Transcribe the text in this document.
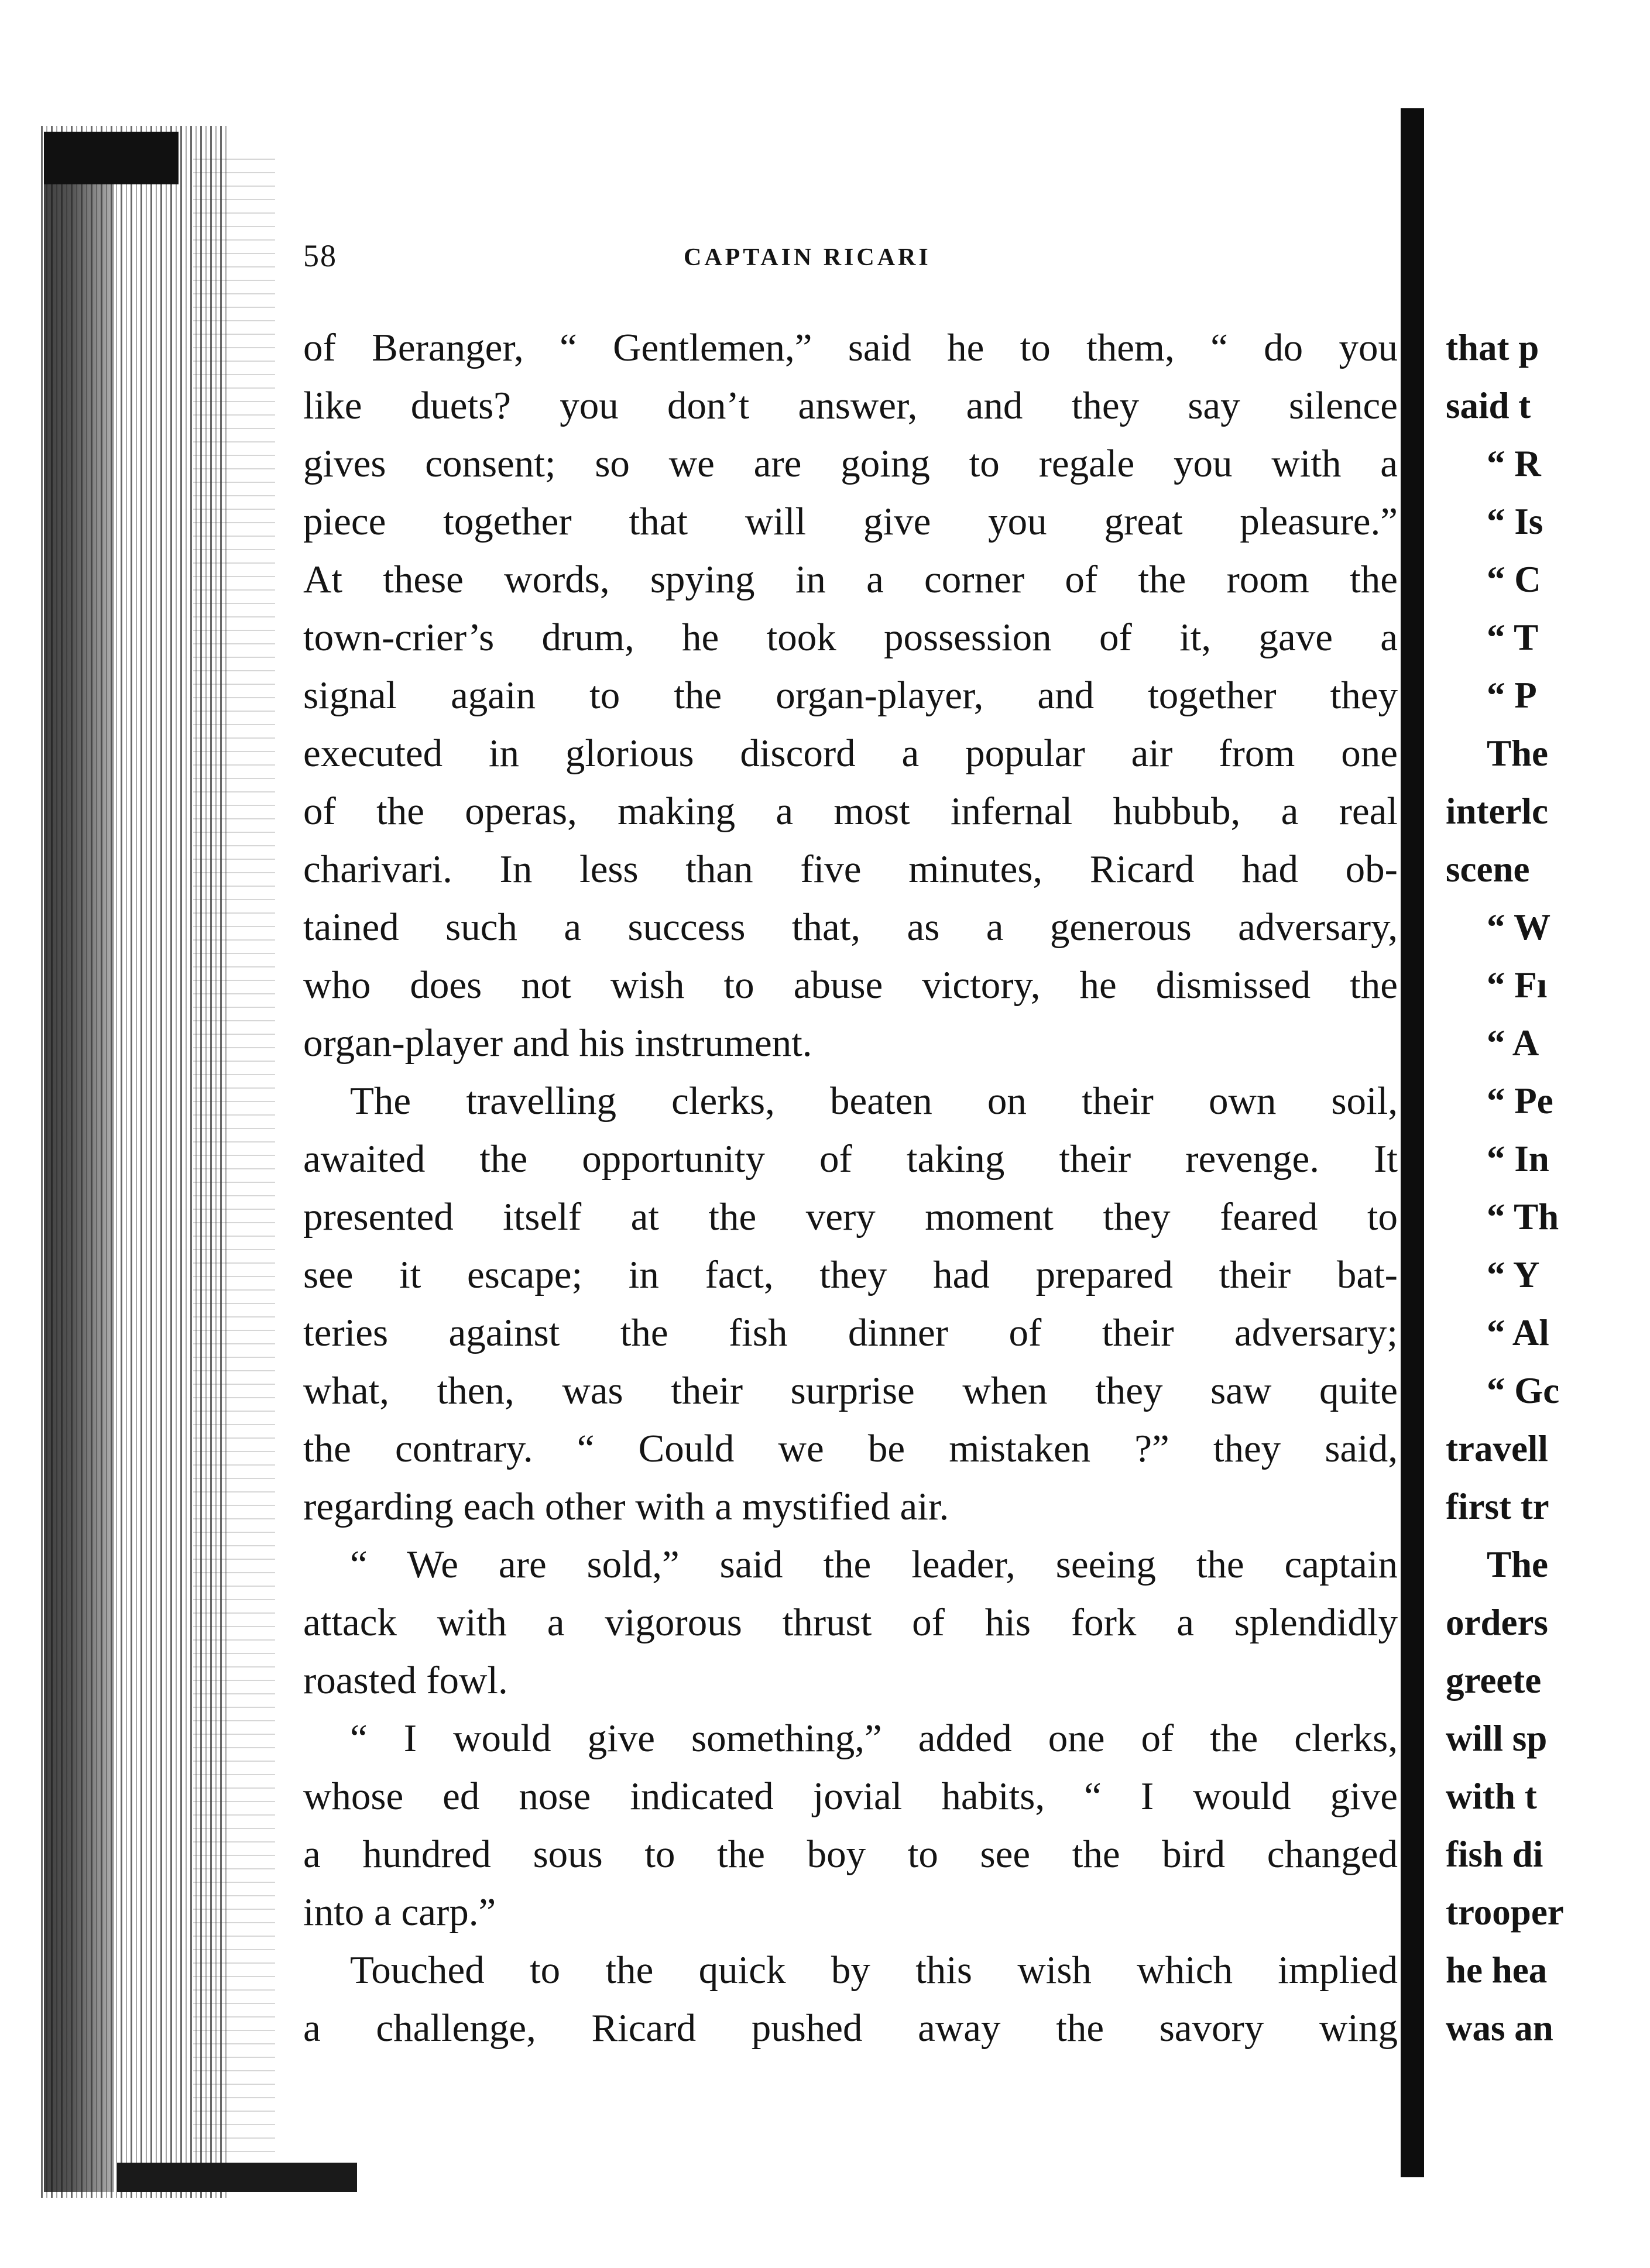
58	CAPTAIN RICARI
of Beranger, “ Gentlemen,” said he to them, “ do you
like duets? you don’t answer, and they say silence
gives consent; so we are going to regale you with a
piece together that will give you great pleasure.”
At these words, spying in a corner of the room the
town-crier’s drum, he took possession of it, gave a
signal again to the organ-player, and together they
executed in glorious discord a popular air from one
of the operas, making a most infernal hubbub, a real
charivari. In less than five minutes, Ricard had ob-
tained such a success that, as a generous adversary,
who does not wish to abuse victory, he dismissed the
organ-player and his instrument.
The travelling clerks, beaten on their own soil,
awaited the opportunity of taking their revenge. It
presented itself at the very moment they feared to
see it escape; in fact, they had prepared their bat-
teries against the fish dinner of their adversary;
what, then, was their surprise when they saw quite
the contrary. “ Could we be mistaken ?” they said,
regarding each other with a mystified air.
“ We are sold,” said the leader, seeing the captain
attack with a vigorous thrust of his fork a splendidly
roasted fowl.
“ I would give something,” added one of the clerks,
whose ed nose indicated jovial habits, “ I would give
a hundred sous to the boy to see the bird changed
into a carp.”
Touched to the quick by this wish which implied
a challenge, Ricard pushed away the savory wing
that p
said t
“ R
“ Is
“ C
“ T
“ P
The
interlc
scene
“ W
“ Fı
“ A
“ Pe
“ In
“ Th
“ Y
“ Al
“ Gc
travell
first tr
The
orders
greete
will sp
with t
fish di
trooper
he hea
was an
